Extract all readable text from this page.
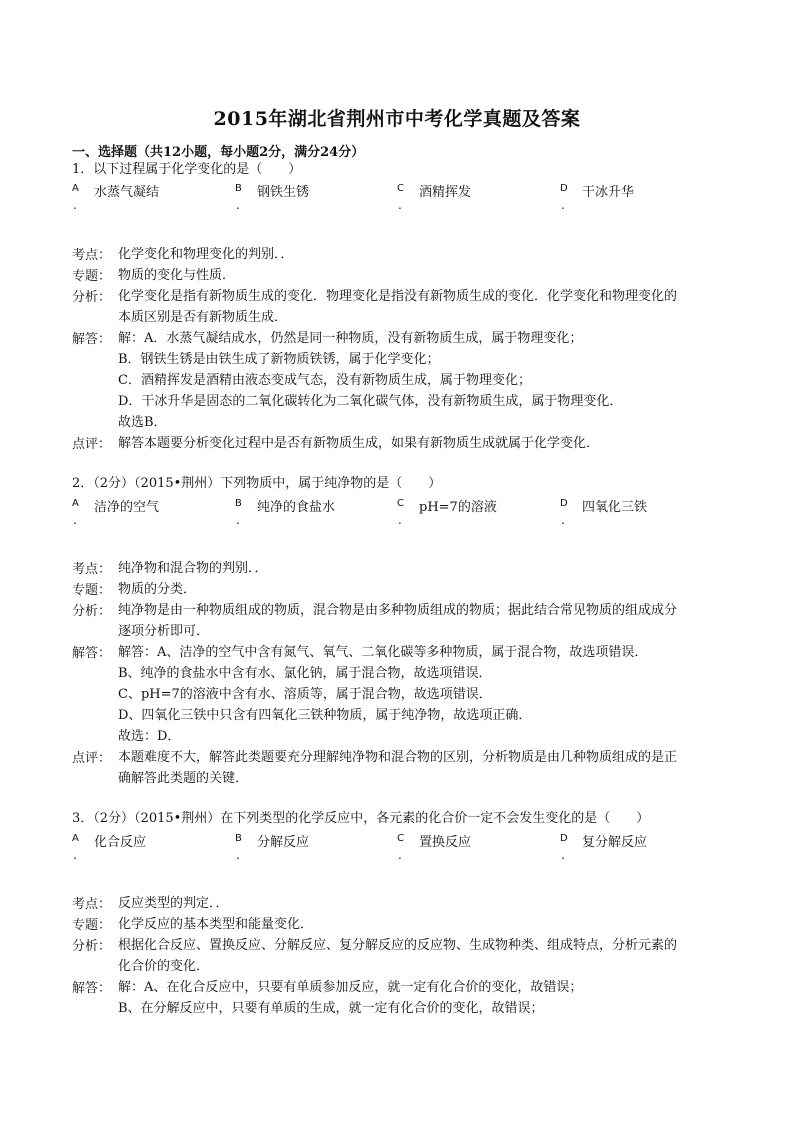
2015年湖北省荆州市中考化学真题及答案
一、选择题（共12小题，每小题2分，满分24分）
1．以下过程属于化学变化的是（　　）
A
.
水蒸气凝结	B
.
钢铁生锈	C
.
酒精挥发	D
.
干冰升华
考点： 化学变化和物理变化的判别．．
专题： 物质的变化与性质．
分析： 化学变化是指有新物质生成的变化．物理变化是指没有新物质生成的变化．化学变化和物理变化的
本质区别是否有新物质生成．
解答： 解：A．水蒸气凝结成水，仍然是同一种物质，没有新物质生成，属于物理变化；
B．钢铁生锈是由铁生成了新物质铁锈，属于化学变化；
C．酒精挥发是酒精由液态变成气态，没有新物质生成，属于物理变化；
D．干冰升华是固态的二氧化碳转化为二氧化碳气体，没有新物质生成，属于物理变化．
故选B．
点评： 解答本题要分析变化过程中是否有新物质生成，如果有新物质生成就属于化学变化．
2．（2分）（2015•荆州）下列物质中，属于纯净物的是（　　）
A
.
洁净的空气	B
.
纯净的食盐水	C
.
pH=7的溶液	D
.
四氧化三铁
考点： 纯净物和混合物的判别．．
专题： 物质的分类．
分析： 纯净物是由一种物质组成的物质，混合物是由多种物质组成的物质；据此结合常见物质的组成成分
逐项分析即可．
解答： 解答：A、洁净的空气中含有氮气、氧气、二氧化碳等多种物质，属于混合物，故选项错误．
B、纯净的食盐水中含有水、氯化钠，属于混合物，故选项错误．
C、pH=7的溶液中含有水、溶质等，属于混合物，故选项错误．
D、四氧化三铁中只含有四氧化三铁种物质，属于纯净物，故选项正确．
故选：D．
点评： 本题难度不大，解答此类题要充分理解纯净物和混合物的区别，分析物质是由几种物质组成的是正
确解答此类题的关键．
3．（2分）（2015•荆州）在下列类型的化学反应中，各元素的化合价一定不会发生变化的是（　　）
A
.
化合反应	B
.
分解反应	C
.
置换反应	D
.
复分解反应
考点： 反应类型的判定．．
专题： 化学反应的基本类型和能量变化．
分析： 根据化合反应、置换反应、分解反应、复分解反应的反应物、生成物种类、组成特点，分析元素的
化合价的变化．
解答： 解：A、在化合反应中，只要有单质参加反应，就一定有化合价的变化，故错误；
B、在分解反应中，只要有单质的生成，就一定有化合价的变化，故错误；
